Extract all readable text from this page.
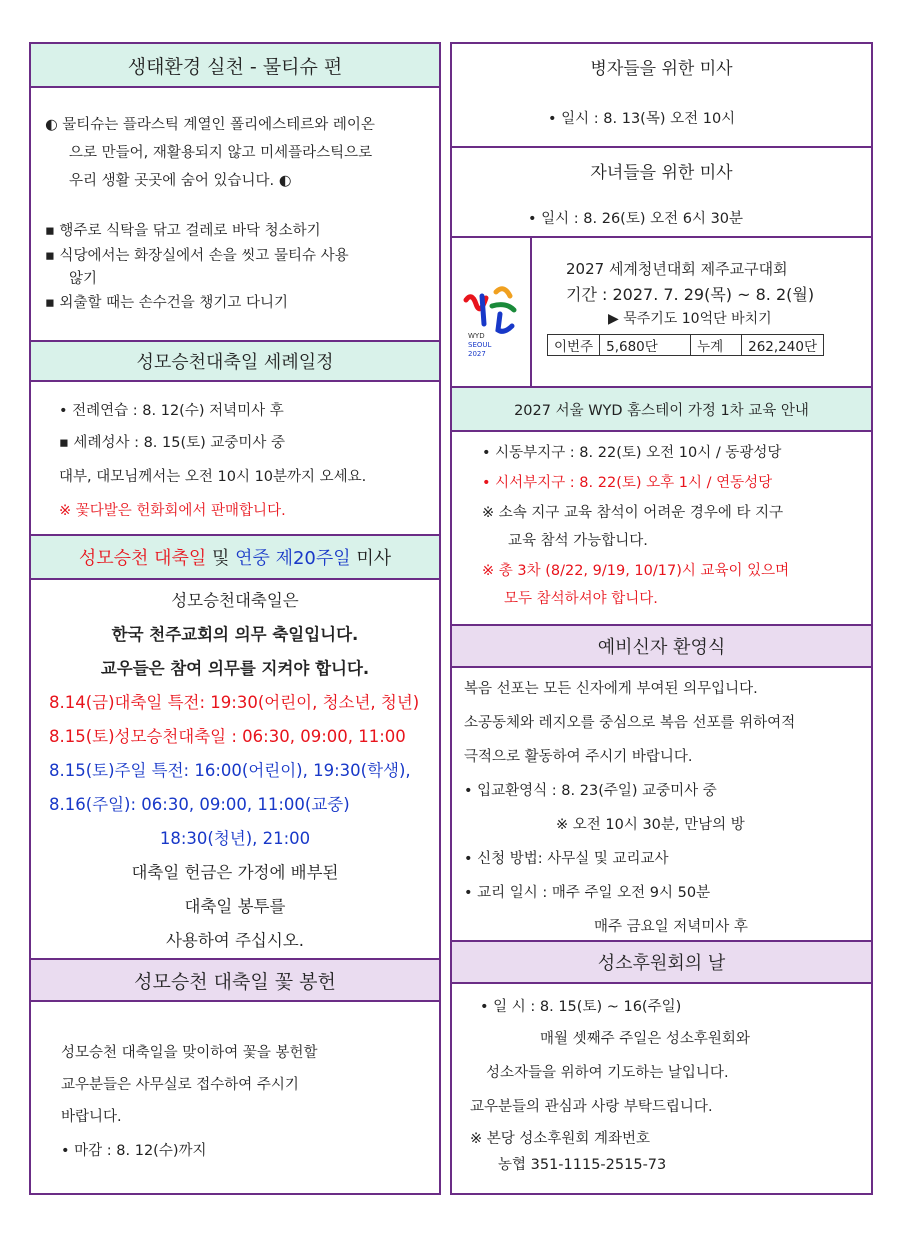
생태환경 실천 - 물티슈 편
◐ 물티슈는 플라스틱 계열인 폴리에스테르와 레이온
으로 만들어, 재활용되지 않고 미세플라스틱으로
우리 생활 곳곳에 숨어 있습니다. ◐
▪ 행주로 식탁을 닦고 걸레로 바닥 청소하기
▪ 식당에서는 화장실에서 손을 씻고 물티슈 사용
않기
▪ 외출할 때는 손수건을 챙기고 다니기
성모승천대축일 세례일정
• 전례연습 : 8. 12(수) 저녁미사 후
▪ 세례성사 : 8. 15(토) 교중미사 중
대부, 대모님께서는 오전 10시 10분까지 오세요.
※ 꽃다발은 헌화회에서 판매합니다.
성모승천 대축일 및 연중 제20주일 미사
성모승천대축일은
한국 천주교회의 의무 축일입니다.
교우들은 참여 의무를 지켜야 합니다.
8.14(금)대축일 특전: 19:30(어린이, 청소년, 청년)
8.15(토)성모승천대축일 : 06:30, 09:00, 11:00
8.15(토)주일 특전: 16:00(어린이), 19:30(학생),
8.16(주일): 06:30, 09:00, 11:00(교중)
18:30(청년), 21:00
대축일 헌금은 가정에 배부된
대축일 봉투를
사용하여 주십시오.
성모승천 대축일 꽃 봉헌
성모승천 대축일을 맞이하여 꽃을 봉헌할
교우분들은 사무실로 접수하여 주시기
바랍니다.
• 마감 : 8. 12(수)까지
병자들을 위한 미사
• 일시 : 8. 13(목) 오전 10시
자녀들을 위한 미사
• 일시 : 8. 26(토) 오전 6시 30분
WYD
SEOUL
2027
2027 세계청년대회 제주교구대회
기간 : 2027. 7. 29(목) ~ 8. 2(월)
▶ 묵주기도 10억단 바치기
이번주	5,680단	누계	262,240단
2027 서울 WYD 홈스테이 가정 1차 교육 안내
• 시동부지구 : 8. 22(토) 오전 10시 / 동광성당
• 시서부지구 : 8. 22(토) 오후 1시 / 연동성당
※ 소속 지구 교육 참석이 어려운 경우에 타 지구
교육 참석 가능합니다.
※ 총 3차 (8/22, 9/19, 10/17)시 교육이 있으며
모두 참석하셔야 합니다.
예비신자 환영식
복음 선포는 모든 신자에게 부여된 의무입니다.
소공동체와 레지오를 중심으로 복음 선포를 위하여적
극적으로 활동하여 주시기 바랍니다.
• 입교환영식 : 8. 23(주일) 교중미사 중
※ 오전 10시 30분, 만남의 방
• 신청 방법: 사무실 및 교리교사
• 교리 일시 : 매주 주일 오전 9시 50분
매주 금요일 저녁미사 후
성소후원회의 날
• 일 시 : 8. 15(토) ~ 16(주일)
매월 셋째주 주일은 성소후원회와
성소자들을 위하여 기도하는 날입니다.
교우분들의 관심과 사랑 부탁드립니다.
※ 본당 성소후원회 계좌번호
농협 351-1115-2515-73
